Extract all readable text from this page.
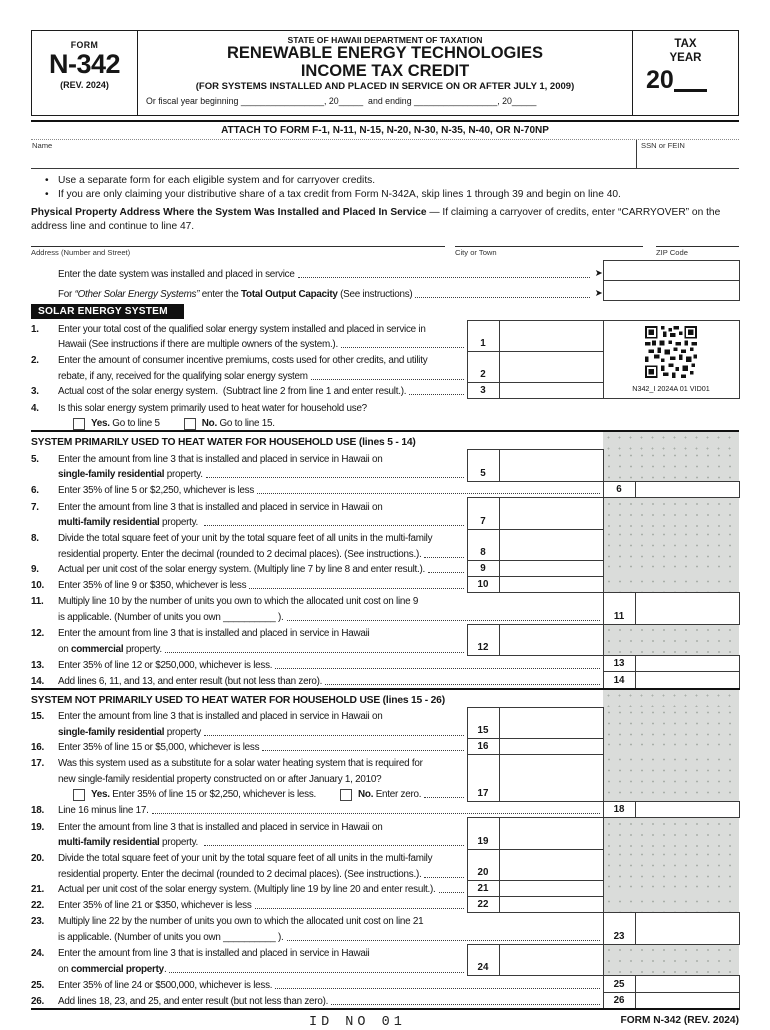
FORM
N-342
(REV. 2024)
STATE OF HAWAII DEPARTMENT OF TAXATION
RENEWABLE ENERGY TECHNOLOGIES
INCOME TAX CREDIT
(FOR SYSTEMS INSTALLED AND PLACED IN SERVICE ON OR AFTER JULY 1, 2009)
Or fiscal year beginning _________________, 20_____  and ending _________________, 20_____
TAX
YEAR
20
ATTACH TO FORM F-1, N-11, N-15, N-20, N-30, N-35, N-40, OR N-70NP
Name	SSN or FEIN
• Use a separate form for each eligible system and for carryover credits.
• If you are only claiming your distributive share of a tax credit from Form N-342A, skip lines 1 through 39 and begin on line 40.
Physical Property Address Where the System Was Installed and Placed In Service — If claiming a carryover of credits, enter “CARRYOVER” on the address line and continue to line 47.
Address (Number and Street)	City or Town	ZIP Code
Enter the date system was installed and placed in service ➤				

For “Other Solar Energy Systems” enter the Total Output Capacity (See instructions)	➤

SOLAR ENERGY SYSTEM				

1. Enter your total cost of the qualified solar energy system installed and placed in service in
Hawaii (See instructions if there are multiple owners of the system.).	1		N342_I 2024A 01 VID01	

2. Enter the amount of consumer incentive premiums, costs used for other credits, and utility
rebate, if any, received for the qualifying solar energy system	2			

3. Actual cost of the solar energy system.  (Subtract line 2 from line 1 and enter result.).	3			

4.	Is this solar energy system primarily used to heat water for household use?
Yes. Go to line 5	No. Go to line 15.

SYSTEM PRIMARILY USED TO HEAT WATER FOR HOUSEHOLD USE (lines 5 - 14)				

5. Enter the amount from line 3 that is installed and placed in service in Hawaii on
single-family residential property.	5			

6. Enter 35% of line 5 or $2,250, whichever is less			6	

7. Enter the amount from line 3 that is installed and placed in service in Hawaii on
multi-family residential property.	7			

8. Divide the total square feet of your unit by the total square feet of all units in the multi-family
residential property. Enter the decimal (rounded to 2 decimal places). (See instructions.).	8			

9. Actual per unit cost of the solar energy system. (Multiply line 7 by line 8 and enter result.).	9			

10. Enter 35% of line 9 or $350, whichever is less	10			

11. Multiply line 10 by the number of units you own to which the allocated unit cost on line 9
is applicable. (Number of units you own __________ ).			11	

12. Enter the amount from line 3 that is installed and placed in service in Hawaii
on commercial property.	12			

13. Enter 35% of line 12 or $250,000, whichever is less.			13	

14. Add lines 6, 11, and 13, and enter result (but not less than zero).			14	
SYSTEM NOT PRIMARILY USED TO HEAT WATER FOR HOUSEHOLD USE (lines 15 - 26)				

15. Enter the amount from line 3 that is installed and placed in service in Hawaii on
single-family residential property	15			

16. Enter 35% of line 15 or $5,000, whichever is less	16			

17.	Was this system used as a substitute for a solar water heating system that is required for
new single-family residential property constructed on or after January 1, 2010?
Yes. Enter 35% of line 15 or $2,250, whichever is less.	No. Enter zero.	17		

18. Line 16 minus line 17.			18	

19. Enter the amount from line 3 that is installed and placed in service in Hawaii on
multi-family residential property.	19			

20. Divide the total square feet of your unit by the total square feet of all units in the multi-family
residential property. Enter the decimal (rounded to 2 decimal places). (See instructions.).	20			

21. Actual per unit cost of the solar energy system. (Multiply line 19 by line 20 and enter result.).	21			

22. Enter 35% of line 21 or $350, whichever is less	22			

23. Multiply line 22 by the number of units you own to which the allocated unit cost on line 21
is applicable. (Number of units you own __________ ).			23	

24. Enter the amount from line 3 that is installed and placed in service in Hawaii
on commercial property .	24			

25. Enter 35% of line 24 or $500,000, whichever is less.			25	

26. Add lines 18, 23, and 25, and enter result (but not less than zero).			26	
ID NO 01	FORM N-342 (REV. 2024)
